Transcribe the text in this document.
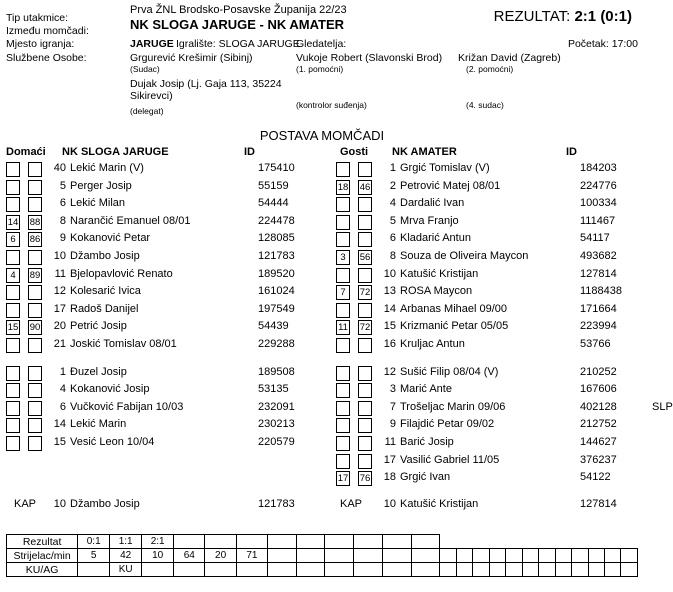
Prva ŽNL Brodsko-Posavske Županija 22/23
NK SLOGA JARUGE - NK AMATER	REZULTAT: 2:1 (0:1)
Tip utakmice:
Između momčadi:
Mjesto igranja:
Službene Osobe:
JARUGE Igralište: SLOGA JARUGE
Gledatelja:	Početak: 17:00
Grgurević Krešimir (Sibinj)
(Sudac)
Vukoje Robert (Slavonski Brod)
(1. pomoćni)
Križan David (Zagreb)
(2. pomoćni)
Dujak Josip (Lj. Gaja 113, 35224 Sikirevci)
(delegat)
(kontrolor suđenja)	(4. sudac)
POSTAVA MOMČADI
Domaći NK SLOGA JARUGE	ID
40 Lekić Marin (V)	175410
5 Perger Josip	55159
6 Lekić Milan	54444
14 88	8 Narančić Emanuel 08/01	224478
6	86	9 Kokanović Petar	128085
10 Džambo Josip	121783
4	89	11 Bjelopavlović Renato	189520
12 Kolesarić Ivica	161024
17 Radoš Danijel	197549
15 90	20 Petrić Josip	54439
21 Joskić Tomislav 08/01	229288
1 Đuzel Josip	189508
4 Kokanović Josip	53135
6 Vučković Fabijan 10/03	232091
14 Lekić Marin	230213
15 Vesić Leon 10/04	220579
KAP	10 Džambo Josip	121783
Gosti NK AMATER	ID
1 Grgić Tomislav (V)	184203
18 46	2 Petrović Matej 08/01	224776
4 Dardalić Ivan	100334
5 Mrva Franjo	111467
6 Kladarić Antun	54117
3	56	8 Souza de Oliveira Maycon	493682
10 Katušić Kristijan	127814
7	72	13 ROSA Maycon	1188438
14 Arbanas Mihael 09/00	171664
11 72	15 Krizmanić Petar 05/05	223994
16 Kruljac Antun	53766
12 Sušić Filip 08/04 (V)	210252
3 Marić Ante	167606
7 Trošeljac Marin 09/06	402128	SLP
9 Filajdić Petar 09/02	212752
11 Barić Josip	144627
17 Vasilić Gabriel 11/05	376237
17 76	18 Grgić Ivan	54122
KAP	10 Katušić Kristijan	127814
Rezultat	0:1	1:1	2:1																					
Strijelac/min	5	42	10	64	20	71																		
KU/AG		KU																						
